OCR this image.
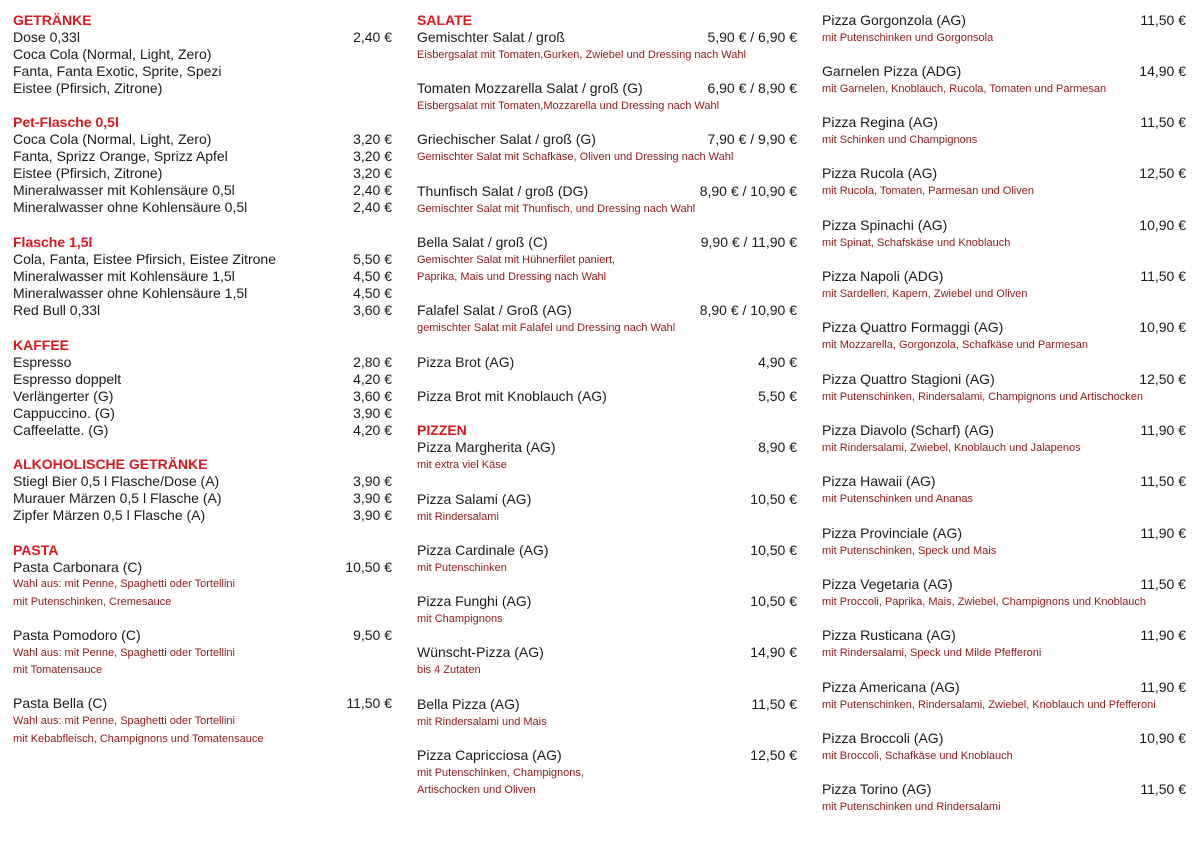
GETRÄNKE
Dose 0,33l	2,40 €
Coca Cola (Normal, Light, Zero)
Fanta, Fanta Exotic, Sprite, Spezi
Eistee (Pfirsich, Zitrone)
Pet-Flasche 0,5l
Coca Cola (Normal, Light, Zero)	3,20 €
Fanta, Sprizz Orange, Sprizz Apfel	3,20 €
Eistee (Pfirsich, Zitrone)	3,20 €
Mineralwasser mit Kohlensäure 0,5l	2,40 €
Mineralwasser ohne Kohlensäure 0,5l	2,40 €
Flasche 1,5l
Cola, Fanta, Eistee Pfirsich, Eistee Zitrone	5,50 €
Mineralwasser mit Kohlensäure 1,5l	4,50 €
Mineralwasser ohne Kohlensäure 1,5l	4,50 €
Red Bull 0,33l	3,60 €
KAFFEE
Espresso	2,80 €
Espresso doppelt	4,20 €
Verlängerter (G)	3,60 €
Cappuccino. (G)	3,90 €
Caffeelatte. (G)	4,20 €
ALKOHOLISCHE GETRÄNKE
Stiegl Bier 0,5 l Flasche/Dose (A)	3,90 €
Murauer Märzen 0,5 l Flasche (A)	3,90 €
Zipfer Märzen 0,5 l Flasche (A)	3,90 €
PASTA
Pasta Carbonara (C)	10,50 €
Wahl aus: mit Penne, Spaghetti oder Tortellini
mit Putenschinken, Cremesauce
Pasta Pomodoro (C)	9,50 €
Wahl aus: mit Penne, Spaghetti oder Tortellini
mit Tomatensauce
Pasta Bella (C)	11,50 €
Wahl aus: mit Penne, Spaghetti oder Tortellini
mit Kebabfleisch, Champignons und Tomatensauce
SALATE
Gemischter Salat / groß	5,90 € / 6,90 €
Eisbergsalat mit Tomaten,Gurken, Zwiebel und Dressing nach Wahl
Tomaten Mozzarella Salat / groß (G)	6,90 € / 8,90 €
Eisbergsalat mit Tomaten,Mozzarella und Dressing nach Wahl
Griechischer Salat / groß (G)	7,90 € / 9,90 €
Gemischter Salat mit Schafkäse, Oliven und Dressing nach Wahl
Thunfisch Salat / groß (DG)	8,90 € / 10,90 €
Gemischter Salat mit Thunfisch, und Dressing nach Wahl
Bella Salat / groß (C)	9,90 € / 11,90 €
Gemischter Salat mit Hühnerfilet paniert,
Paprika, Mais und Dressing nach Wahl
Falafel Salat / Groß (AG)	8,90 € / 10,90 €
gemischter Salat mit Falafel und Dressing nach Wahl
Pizza Brot (AG)	4,90 €
Pizza Brot mit Knoblauch (AG)	5,50 €
PIZZEN
Pizza Margherita (AG)	8,90 €
mit extra viel Käse
Pizza Salami (AG)	10,50 €
mit Rindersalami
Pizza Cardinale (AG)	10,50 €
mit Putenschinken
Pizza Funghi (AG)	10,50 €
mit Champignons
Wünscht-Pizza (AG)	14,90 €
bis 4 Zutaten
Bella Pizza (AG)	11,50 €
mit Rindersalami und Mais
Pizza Capricciosa (AG)	12,50 €
mit Putenschinken, Champignons,
Artischocken und Oliven
Pizza Gorgonzola (AG)	11,50 €
mit Putenschinken und Gorgonsola
Garnelen Pizza (ADG)	14,90 €
mit Garnelen, Knoblauch, Rucola, Tomaten und Parmesan
Pizza Regina (AG)	11,50 €
mit Schinken und Champignons
Pizza Rucola (AG)	12,50 €
mit Rucola, Tomaten, Parmesan und Oliven
Pizza Spinachi (AG)	10,90 €
mit Spinat, Schafskäse und Knoblauch
Pizza Napoli (ADG)	11,50 €
mit Sardellen, Kapern, Zwiebel und Oliven
Pizza Quattro Formaggi (AG)	10,90 €
mit Mozzarella, Gorgonzola, Schafkäse und Parmesan
Pizza Quattro Stagioni (AG)	12,50 €
mit Putenschinken, Rindersalami, Champignons und Artischocken
Pizza Diavolo (Scharf) (AG)	11,90 €
mit Rindersalami, Zwiebel, Knoblauch und Jalapenos
Pizza Hawaii (AG)	11,50 €
mit Putenschinken und Ananas
Pizza Provinciale (AG)	11,90 €
mit Putenschinken, Speck und Mais
Pizza Vegetaria (AG)	11,50 €
mit Proccoli, Paprika, Mais, Zwiebel, Champignons und Knoblauch
Pizza Rusticana (AG)	11,90 €
mit Rindersalami, Speck und Milde Pfefferoni
Pizza Americana (AG)	11,90 €
mit Putenschinken, Rindersalami, Zwiebel, Knoblauch und Pfefferoni
Pizza Broccoli (AG)	10,90 €
mit Broccoli, Schafkäse und Knoblauch
Pizza Torino (AG)	11,50 €
mit Putenschinken und Rindersalami
